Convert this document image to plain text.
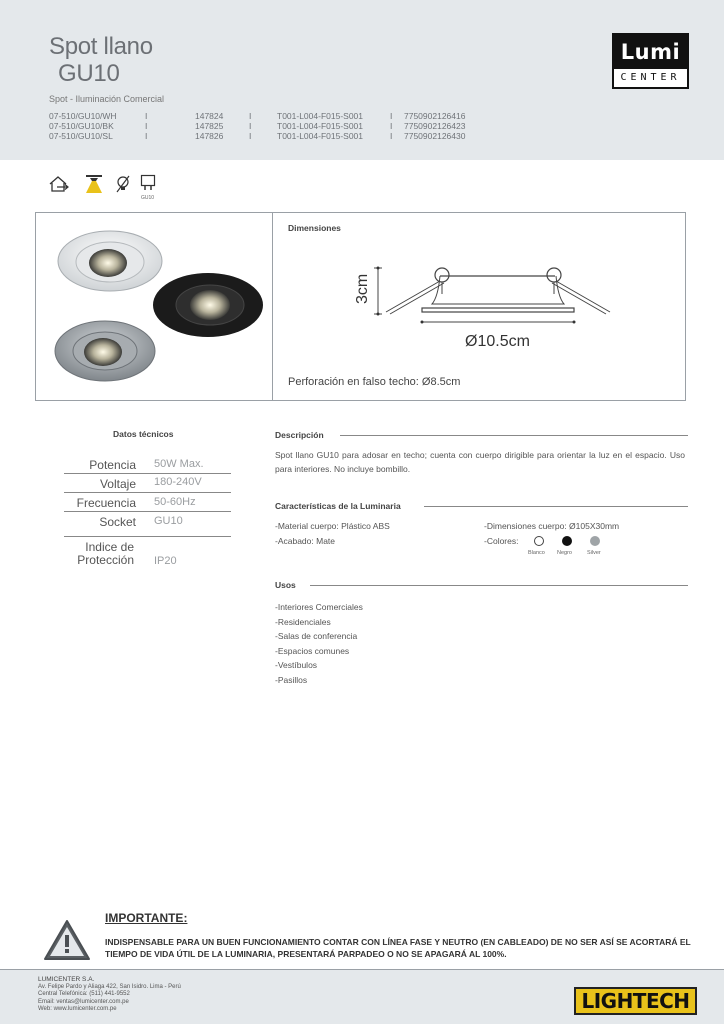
Spot llano
GU10
Spot - Iluminación Comercial
07-510/GU10/WH	I	147824	I	T001-L004-F015-S001	I	7750902126416
07-510/GU10/BK	I	147825	I	T001-L004-F015-S001	I	7750902126423
07-510/GU10/SL	I	147826	I	T001-L004-F015-S001	I	7750902126430
Lumi
CENTER
GU10
Dimensiones
3cm
Ø10.5cm
Perforación en falso techo: Ø8.5cm
Datos técnicos
Potencia 50W Max.
Voltaje 180-240V
Frecuencia 50-60Hz
Socket GU10
Indice de
Protección IP20
Descripción
Spot llano GU10 para adosar en techo; cuenta con cuerpo dirigible para orientar la luz en el espacio. Uso para interiores. No incluye bombillo.
Características de la Luminaria
-Material cuerpo: Plástico ABS
-Acabado: Mate
-Dimensiones cuerpo: Ø105X30mm
-Colores:
Blanco Negro	Silver
Usos
-Interiores Comerciales
-Residenciales
-Salas de conferencia
-Espacios comunes
-Vestíbulos
-Pasillos
IMPORTANTE:
INDISPENSABLE PARA UN BUEN FUNCIONAMIENTO CONTAR CON LÍNEA FASE Y NEUTRO (EN CABLEADO) DE NO SER ASÍ SE ACORTARÁ EL TIEMPO DE VIDA ÚTIL DE LA LUMINARIA, PRESENTARÁ PARPADEO O NO SE APAGARÁ AL 100%.
LUMICENTER S.A.
Av. Felipe Pardo y Aliaga 422, San Isidro. Lima - Perú
Central Telefónica: (511) 441-9552
Email: ventas@lumicenter.com.pe
Web: www.lumicenter.com.pe	LIGHTECH
